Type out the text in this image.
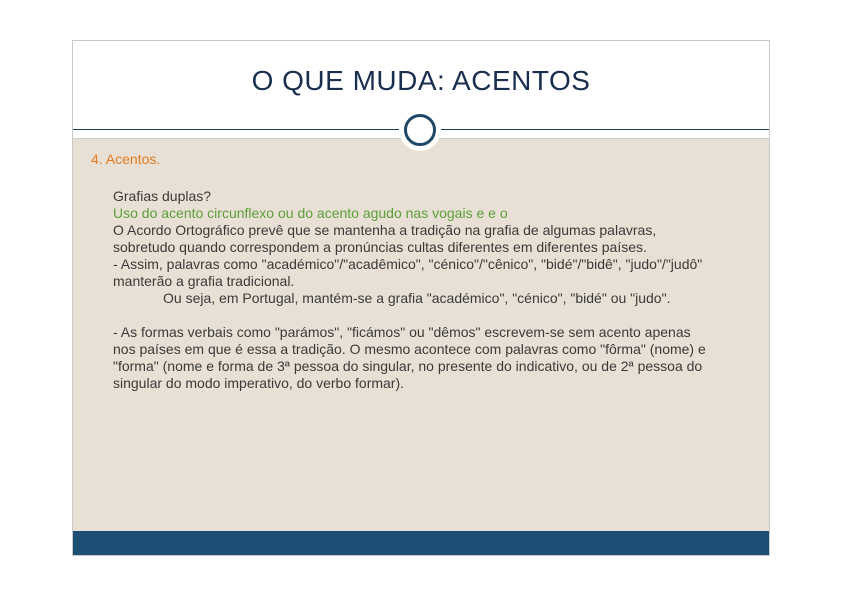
O QUE MUDA: ACENTOS

4. Acentos.

Grafias duplas?

Uso do acento circunflexo ou do acento agudo nas vogais e e o

O Acordo Ortográfico prevê que se mantenha a tradição na grafia de algumas palavras, sobretudo quando correspondem a pronúncias cultas diferentes em diferentes países.

- Assim, palavras como "académico"/"acadêmico", "cénico"/"cênico", "bidé"/"bidê", "judo"/"judô" manterão a grafia tradicional.

Ou seja, em Portugal, mantém-se a grafia "académico", "cénico", "bidé" ou "judo".

- As formas verbais como "parámos", "ficámos" ou "dêmos" escrevem-se sem acento apenas nos países em que é essa a tradição. O mesmo acontece com palavras como "fôrma" (nome) e "forma" (nome e forma de 3ª pessoa do singular, no presente do indicativo, ou de 2ª pessoa do singular do modo imperativo, do verbo formar).
